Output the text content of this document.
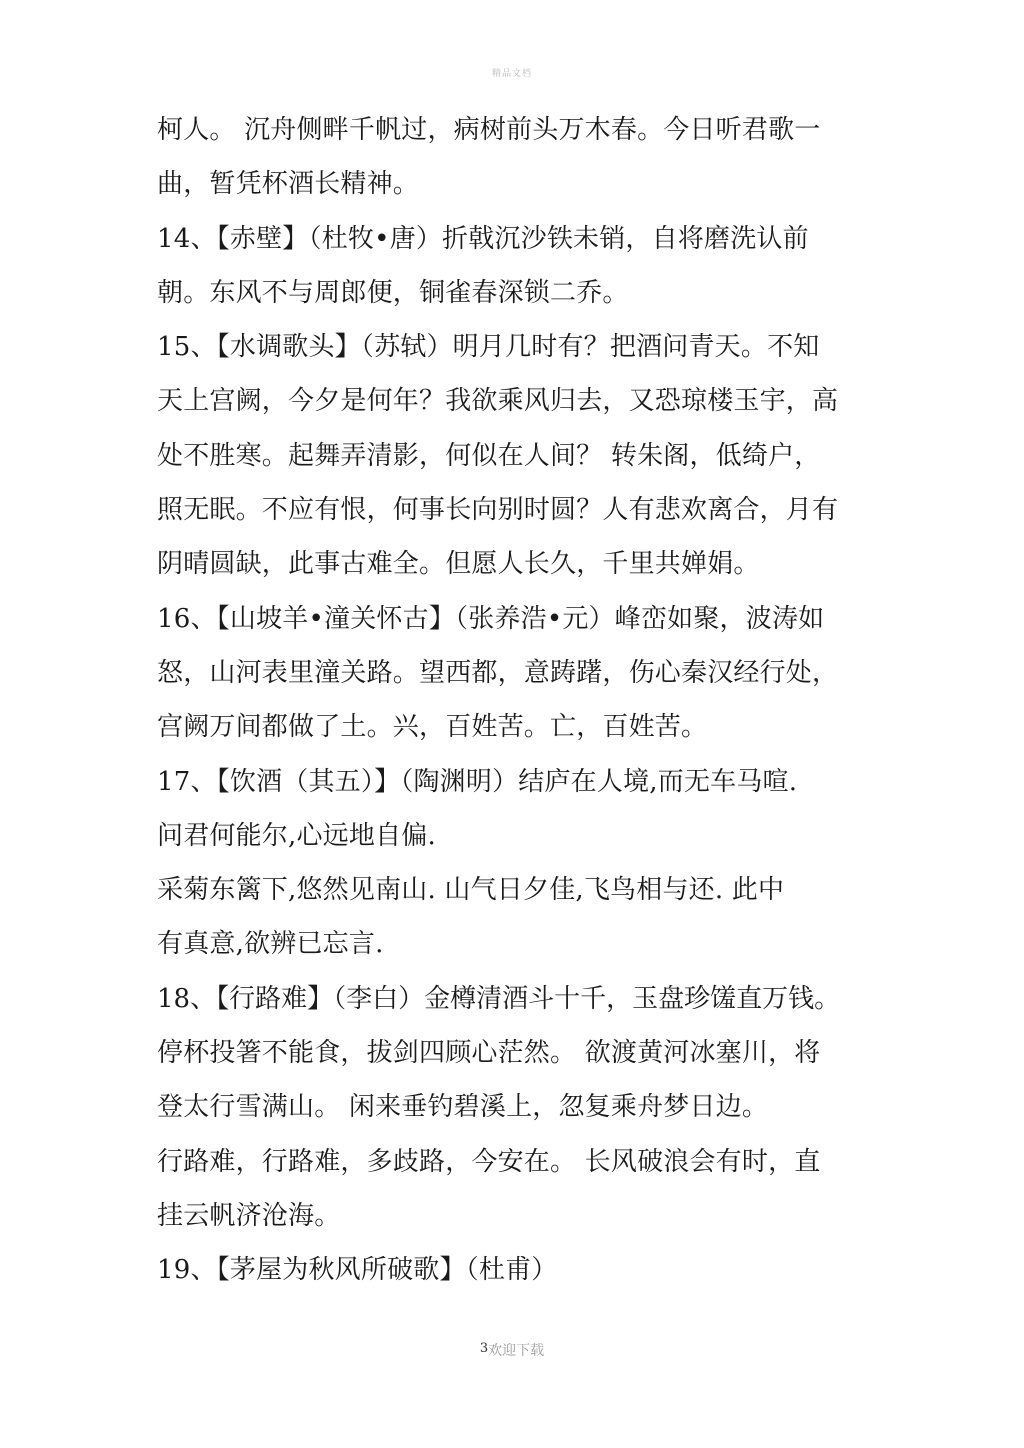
精品文档
柯人。 沉舟侧畔千帆过，病树前头万木春。今日听君歌一
曲，暂凭杯酒长精神。
14、【赤壁】（杜牧•唐）折戟沉沙铁未销，自将磨洗认前
朝。东风不与周郎便，铜雀春深锁二乔。
15、【水调歌头】（苏轼）明月几时有？把酒问青天。不知
天上宫阙，今夕是何年？我欲乘风归去，又恐琼楼玉宇，高
处不胜寒。起舞弄清影，何似在人间？ 转朱阁，低绮户，
照无眠。不应有恨，何事长向别时圆？人有悲欢离合，月有
阴晴圆缺，此事古难全。但愿人长久，千里共婵娟。
16、【山坡羊•潼关怀古】（张养浩•元）峰峦如聚，波涛如
怒，山河表里潼关路。望西都，意踌躇，伤心秦汉经行处，
宫阙万间都做了土。兴，百姓苦。亡，百姓苦。
17、【饮酒（其五）】（陶渊明）结庐在人境,而无车马喧.
问君何能尔,心远地自偏.
采菊东篱下,悠然见南山. 山气日夕佳,飞鸟相与还. 此中
有真意,欲辨已忘言.
18、【行路难】（李白）金樽清酒斗十千，玉盘珍馐直万钱。
停杯投箸不能食，拔剑四顾心茫然。 欲渡黄河冰塞川，将
登太行雪满山。 闲来垂钓碧溪上，忽复乘舟梦日边。
行路难，行路难，多歧路，今安在。 长风破浪会有时，直
挂云帆济沧海。
19、【茅屋为秋风所破歌】（杜甫）
3欢迎下载
